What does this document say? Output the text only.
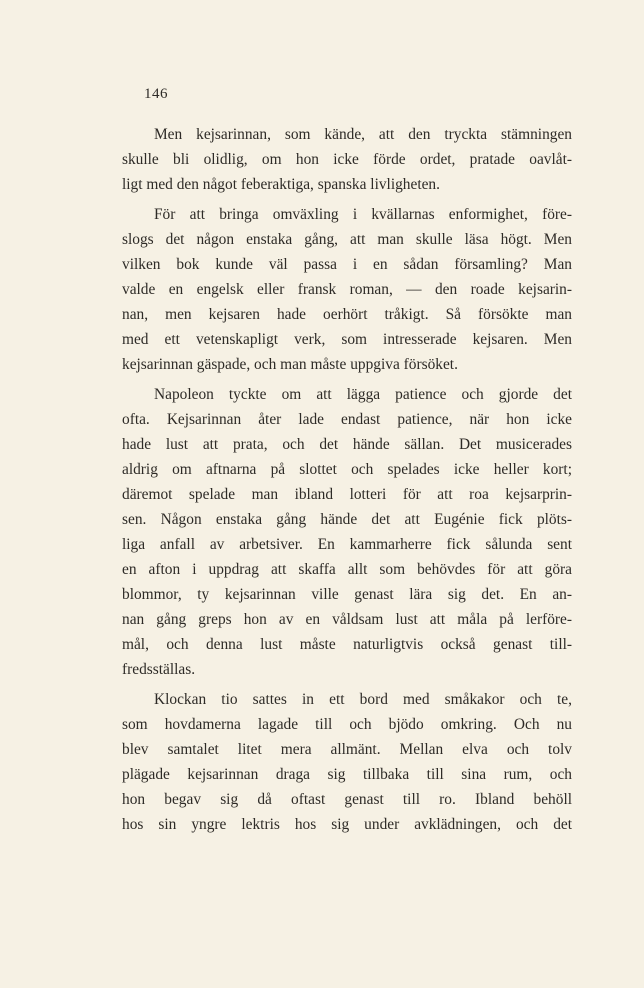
146
Men kejsarinnan, som kände, att den tryckta stämningen
skulle bli olidlig, om hon icke förde ordet, pratade oavlåt-
ligt med den något feberaktiga, spanska livligheten.
För att bringa omväxling i kvällarnas enformighet, före-
slogs det någon enstaka gång, att man skulle läsa högt. Men
vilken bok kunde väl passa i en sådan församling? Man
valde en engelsk eller fransk roman, — den roade kejsarin-
nan, men kejsaren hade oerhört tråkigt. Så försökte man
med ett vetenskapligt verk, som intresserade kejsaren. Men
kejsarinnan gäspade, och man måste uppgiva försöket.
Napoleon tyckte om att lägga patience och gjorde det
ofta. Kejsarinnan åter lade endast patience, när hon icke
hade lust att prata, och det hände sällan. Det musicerades
aldrig om aftnarna på slottet och spelades icke heller kort;
däremot spelade man ibland lotteri för att roa kejsarprin-
sen. Någon enstaka gång hände det att Eugénie fick plöts-
liga anfall av arbetsiver. En kammarherre fick sålunda sent
en afton i uppdrag att skaffa allt som behövdes för att göra
blommor, ty kejsarinnan ville genast lära sig det. En an-
nan gång greps hon av en våldsam lust att måla på lerföre-
mål, och denna lust måste naturligtvis också genast till-
fredsställas.
Klockan tio sattes in ett bord med småkakor och te,
som hovdamerna lagade till och bjödo omkring. Och nu
blev samtalet litet mera allmänt. Mellan elva och tolv
plägade kejsarinnan draga sig tillbaka till sina rum, och
hon begav sig då oftast genast till ro. Ibland behöll
hos sin yngre lektris hos sig under avklädningen, och det
